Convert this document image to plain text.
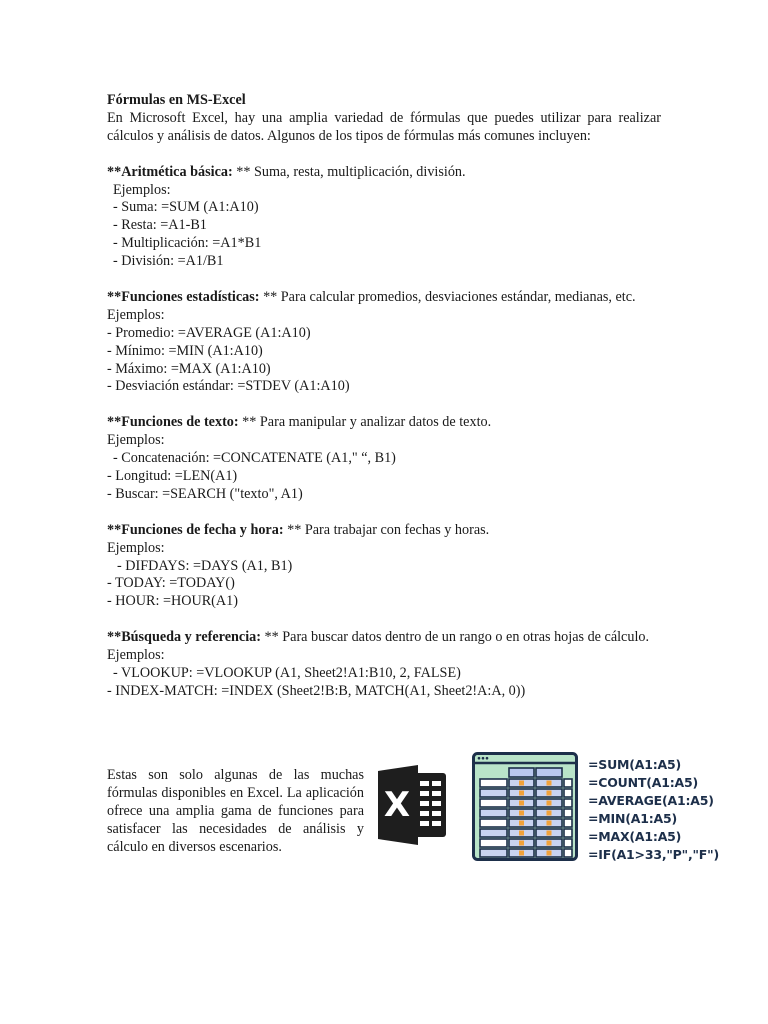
Fórmulas en MS-Excel

En Microsoft Excel, hay una amplia variedad de fórmulas que puedes utilizar para realizar cálculos y análisis de datos. Algunos de los tipos de fórmulas más comunes incluyen:

**Aritmética básica: ** Suma, resta, multiplicación, división.

Ejemplos:

- Suma: =SUM (A1:A10)

- Resta: =A1-B1

- Multiplicación: =A1*B1

- División: =A1/B1

**Funciones estadísticas: ** Para calcular promedios, desviaciones estándar, medianas, etc.

Ejemplos:

- Promedio: =AVERAGE (A1:A10)

- Mínimo: =MIN (A1:A10)

- Máximo: =MAX (A1:A10)

- Desviación estándar: =STDEV (A1:A10)

**Funciones de texto: ** Para manipular y analizar datos de texto.

Ejemplos:

- Concatenación: =CONCATENATE (A1," “, B1)

- Longitud: =LEN(A1)

- Buscar: =SEARCH ("texto", A1)

**Funciones de fecha y hora: ** Para trabajar con fechas y horas.

Ejemplos:

- DIFDAYS: =DAYS (A1, B1)

- TODAY: =TODAY()

- HOUR: =HOUR(A1)

**Búsqueda y referencia: ** Para buscar datos dentro de un rango o en otras hojas de cálculo.

Ejemplos:

- VLOOKUP: =VLOOKUP (A1, Sheet2!A1:B10, 2, FALSE)

- INDEX-MATCH: =INDEX (Sheet2!B:B, MATCH(A1, Sheet2!A:A, 0))

Estas son solo algunas de las muchas fórmulas disponibles en Excel. La aplicación ofrece una amplia gama de funciones para satisfacer las necesidades de análisis y cálculo en diversos escenarios.

X
=SUM(A1:A5)
=COUNT(A1:A5)
=AVERAGE(A1:A5)
=MIN(A1:A5)
=MAX(A1:A5)
=IF(A1>33,"P","F")
